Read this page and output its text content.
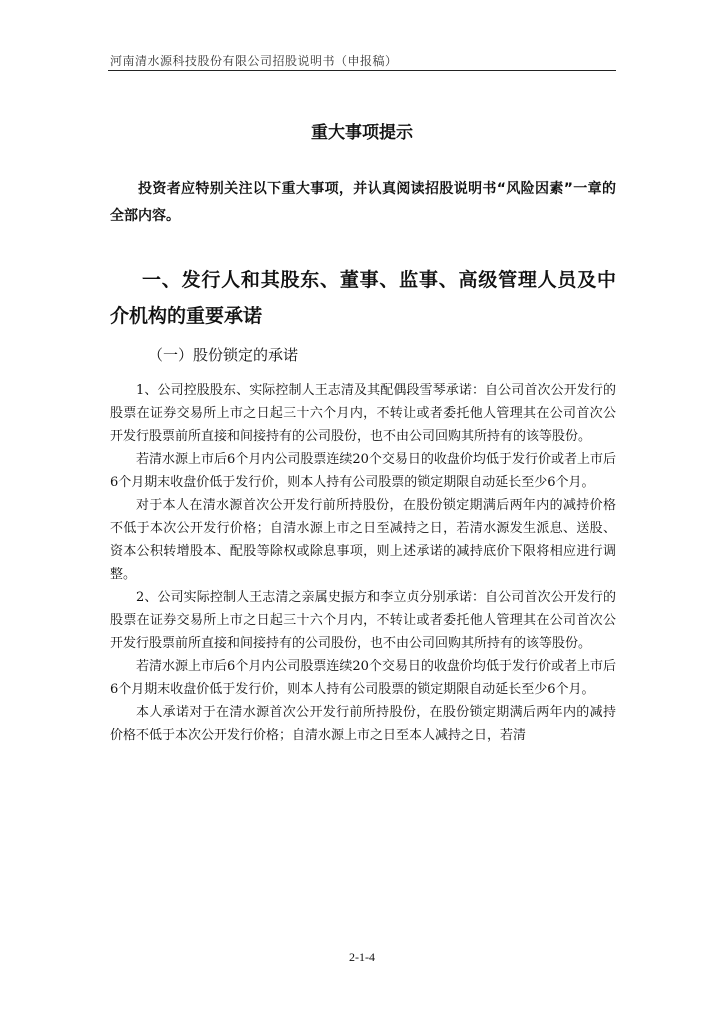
河南清水源科技股份有限公司招股说明书（申报稿）
重大事项提示

投资者应特别关注以下重大事项，并认真阅读招股说明书“风险因素”一章的全部内容。

一、发行人和其股东、董事、监事、高级管理人员及中介机构的重要承诺
（一）股份锁定的承诺

1、公司控股股东、实际控制人王志清及其配偶段雪琴承诺：自公司首次公开发行的股票在证券交易所上市之日起三十六个月内，不转让或者委托他人管理其在公司首次公开发行股票前所直接和间接持有的公司股份，也不由公司回购其所持有的该等股份。

若清水源上市后6个月内公司股票连续20个交易日的收盘价均低于发行价或者上市后6个月期末收盘价低于发行价，则本人持有公司股票的锁定期限自动延长至少6个月。

对于本人在清水源首次公开发行前所持股份，在股份锁定期满后两年内的减持价格不低于本次公开发行价格；自清水源上市之日至减持之日，若清水源发生派息、送股、资本公积转增股本、配股等除权或除息事项，则上述承诺的减持底价下限将相应进行调整。

2、公司实际控制人王志清之亲属史振方和李立贞分别承诺：自公司首次公开发行的股票在证券交易所上市之日起三十六个月内，不转让或者委托他人管理其在公司首次公开发行股票前所直接和间接持有的公司股份，也不由公司回购其所持有的该等股份。

若清水源上市后6个月内公司股票连续20个交易日的收盘价均低于发行价或者上市后6个月期末收盘价低于发行价，则本人持有公司股票的锁定期限自动延长至少6个月。

本人承诺对于在清水源首次公开发行前所持股份，在股份锁定期满后两年内的减持价格不低于本次公开发行价格；自清水源上市之日至本人减持之日，若清

2-1-4
